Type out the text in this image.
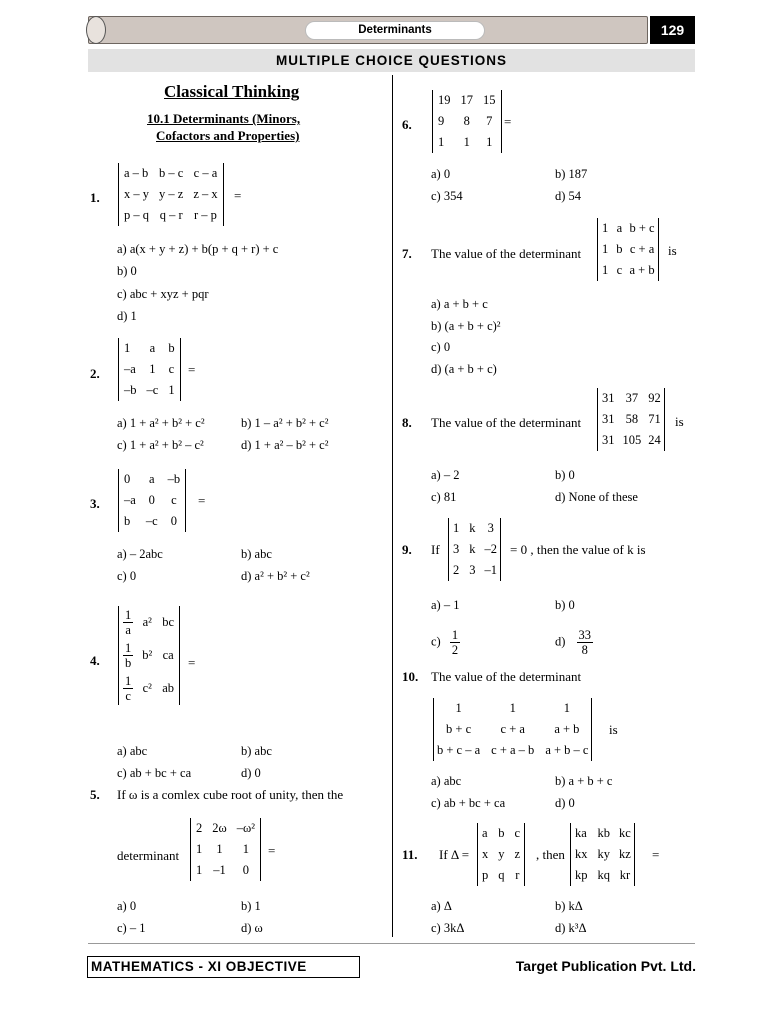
Determinants	129
MULTIPLE CHOICE QUESTIONS
Classical Thinking
10.1 Determinants (Minors,
Cofactors and Properties)
1.
a – b	b – c	c – a
x – y	y – z	z – x
p – q	q – r	r – p
=
a) a(x + y + z) + b(p + q + r) + c
b) 0
c) abc + xyz + pqr
d) 1
2.
1	a	b
–a	1	c
–b	–c	1
=
a) 1 + a² + b² + c²	b) 1 – a² + b² + c²
c) 1 + a² + b² – c²	d) 1 + a² – b² + c²
3.
0	a	–b
–a	0	c
b	–c	0
=
a) – 2abc	b) abc
c) 0	d) a² + b² + c²
4.
$\frac{1}{a}$	a²	bc

$\frac{1}{b}$	b²	ca

$\frac{1}{c}$	c²	ab
=
a) abc	b) abc
c) ab + bc + ca	d) 0
5. If ω is a comlex cube root of unity, then the
determinant
2	2ω	–ω²
1	1	1
1	–1	0
=
a) 0	b) 1
c) – 1	d) ω
6.
19	17	15
9	8	7
1	1	1
=
a) 0	b) 187
c) 354	d) 54
7. The value of the determinant
1	a	b + c
1	b	c + a
1	c	a + b
is
a) a + b + c
b) (a + b + c)²
c) 0
d) (a + b + c)
8. The value of the determinant
31	37	92
31	58	71
31	105	24
is
a) – 2	b) 0
c) 81	d) None of these
9. If
1	k	3
3	k	–2
2	3	–1
= 0 , then the value of k is
a) – 1	b) 0
$c) \frac{1}{2}$	$d) \frac{33}{8}$
10. The value of the determinant
1	1	1
b + c	c + a	a + b
b + c – a	c + a – b	a + b – c
is
a) abc	b) a + b + c
c) ab + bc + ca	d) 0
11. If Δ =
a	b	c
x	y	z
p	q	r
, then
ka	kb	kc
kx	ky	kz
kp	kq	kr
=
a) Δ	b) kΔ
c) 3kΔ	d) k³Δ
MATHEMATICS - XI OBJECTIVE	Target Publication Pvt. Ltd.
